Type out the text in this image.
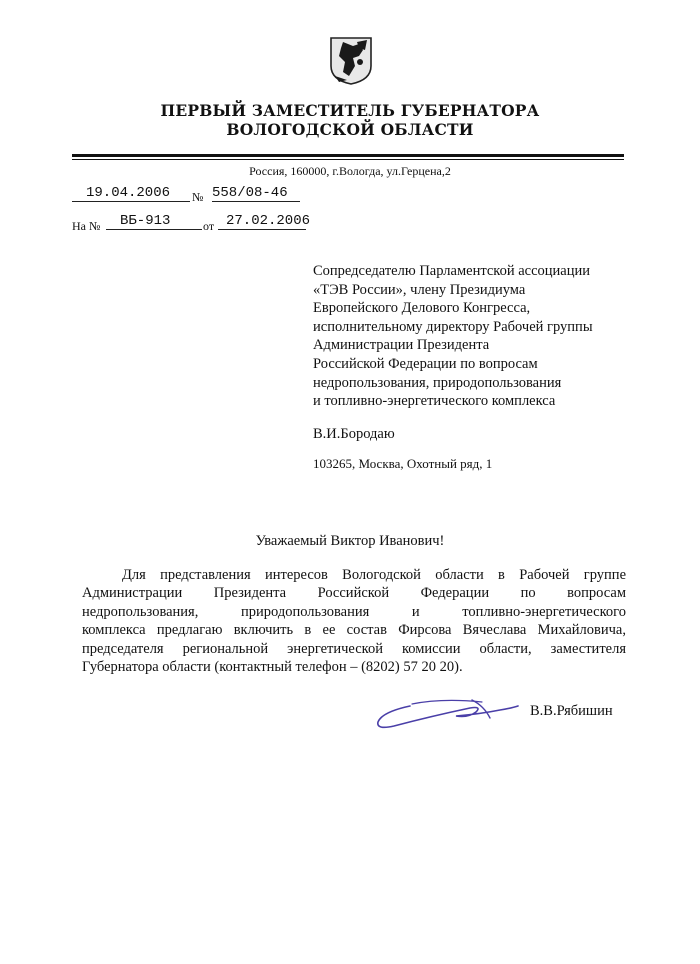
ПЕРВЫЙ ЗАМЕСТИТЕЛЬ ГУБЕРНАТОРА
ВОЛОГОДСКОЙ ОБЛАСТИ
Россия, 160000, г.Вологда, ул.Герцена,2
19.04.2006	№ 558/08-46
На №	ВБ-913	от 27.02.2006
Сопредседателю Парламентской ассоциации
«ТЭВ России», члену Президиума
Европейского Делового Конгресса,
исполнительному директору Рабочей группы
Администрации Президента
Российской Федерации по вопросам
недропользования, природопользования
и топливно-энергетического комплекса
В.И.Бородаю
103265, Москва, Охотный ряд, 1
Уважаемый Виктор Иванович!
Для представления интересов Вологодской области в Рабочей группе
Администрации Президента Российской Федерации по вопросам
недропользования, природопользования и топливно-энергетического
комплекса предлагаю включить в ее состав Фирсова Вячеслава Михайловича,
председателя региональной энергетической комиссии области, заместителя
Губернатора области (контактный телефон – (8202) 57 20 20).
В.В.Рябишин
